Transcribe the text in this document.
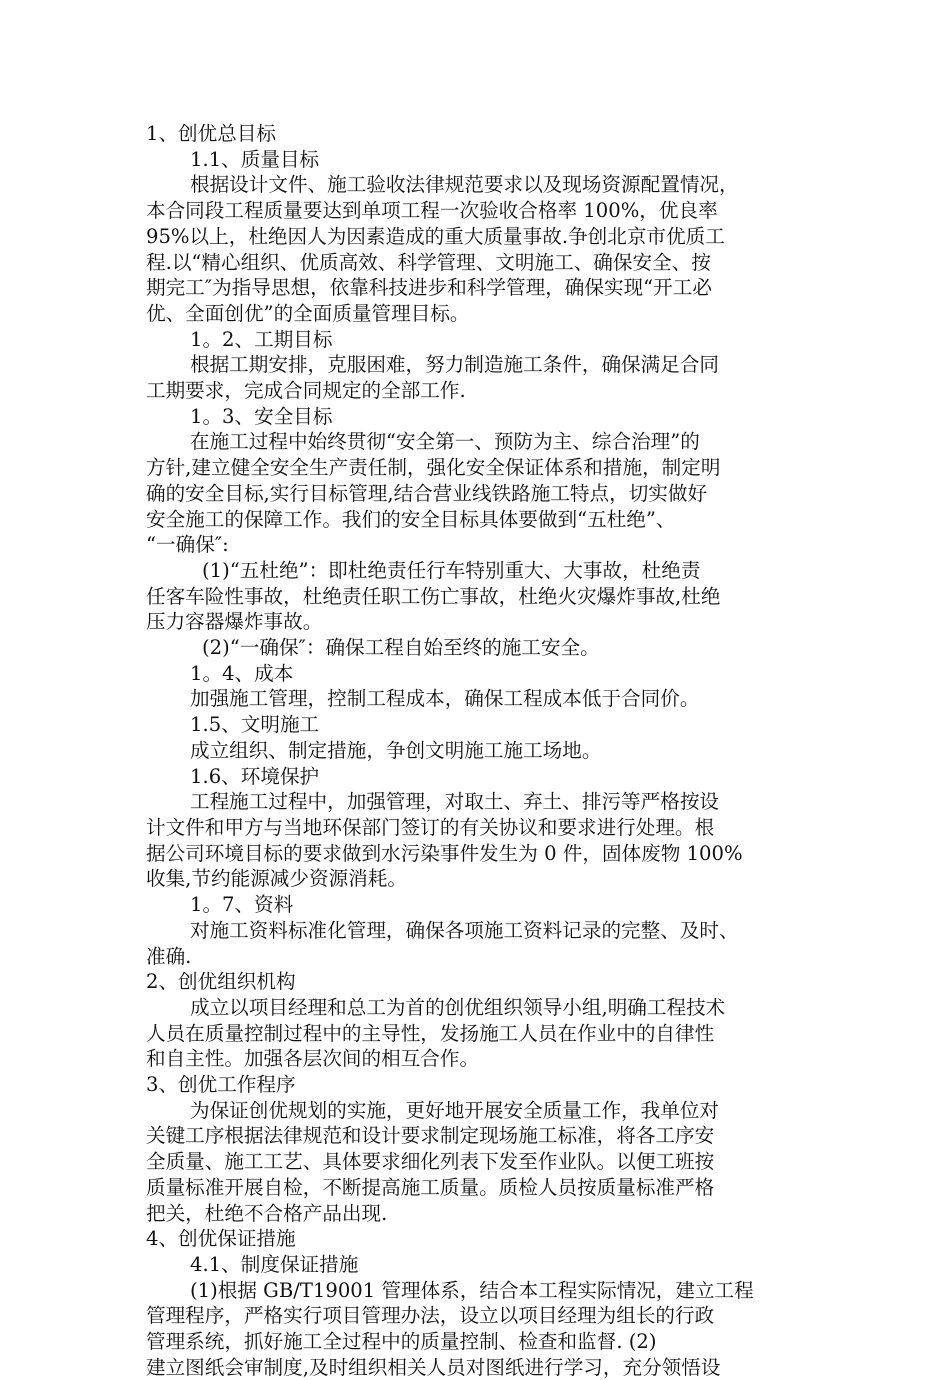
1、创优总目标

1.1、质量目标

根据设计文件、施工验收法律规范要求以及现场资源配置情况，
本合同段工程质量要达到单项工程一次验收合格率 100%，优良率
95%以上，杜绝因人为因素造成的重大质量事故.争创北京市优质工
程.以“精心组织、优质高效、科学管理、文明施工、确保安全、按
期完工″为指导思想，依靠科技进步和科学管理，确保实现“开工必
优、全面创优”的全面质量管理目标。

1。2、工期目标

根据工期安排，克服困难，努力制造施工条件，确保满足合同
工期要求，完成合同规定的全部工作.

1。3、安全目标

在施工过程中始终贯彻“安全第一、预防为主、综合治理”的
方针,建立健全安全生产责任制，强化安全保证体系和措施，制定明
确的安全目标,实行目标管理,结合营业线铁路施工特点，切实做好
安全施工的保障工作。我们的安全目标具体要做到“五杜绝”、
“一确保″:

(1)“五杜绝”：即杜绝责任行车特别重大、大事故，杜绝责
任客车险性事故，杜绝责任职工伤亡事故，杜绝火灾爆炸事故,杜绝
压力容器爆炸事故。

(2)“一确保″：确保工程自始至终的施工安全。

1。4、成本

加强施工管理，控制工程成本，确保工程成本低于合同价。

1.5、文明施工

成立组织、制定措施，争创文明施工施工场地。

1.6、环境保护

工程施工过程中，加强管理，对取土、弃土、排污等严格按设
计文件和甲方与当地环保部门签订的有关协议和要求进行处理。根
据公司环境目标的要求做到水污染事件发生为 0 件，固体废物 100%
收集,节约能源减少资源消耗。

1。7、资料

对施工资料标准化管理，确保各项施工资料记录的完整、及时、
准确.

2、创优组织机构

成立以项目经理和总工为首的创优组织领导小组,明确工程技术
人员在质量控制过程中的主导性，发扬施工人员在作业中的自律性
和自主性。加强各层次间的相互合作。

3、创优工作程序

为保证创优规划的实施，更好地开展安全质量工作，我单位对
关键工序根据法律规范和设计要求制定现场施工标准，将各工序安
全质量、施工工艺、具体要求细化列表下发至作业队。以便工班按
质量标准开展自检，不断提高施工质量。质检人员按质量标准严格
把关，杜绝不合格产品出现.

4、创优保证措施

4.1、制度保证措施

(1)根据 GB/T19001 管理体系，结合本工程实际情况，建立工程
管理程序，严格实行项目管理办法，设立以项目经理为组长的行政
管理系统，抓好施工全过程中的质量控制、检查和监督. (2)
建立图纸会审制度,及时组织相关人员对图纸进行学习，充分领悟设
